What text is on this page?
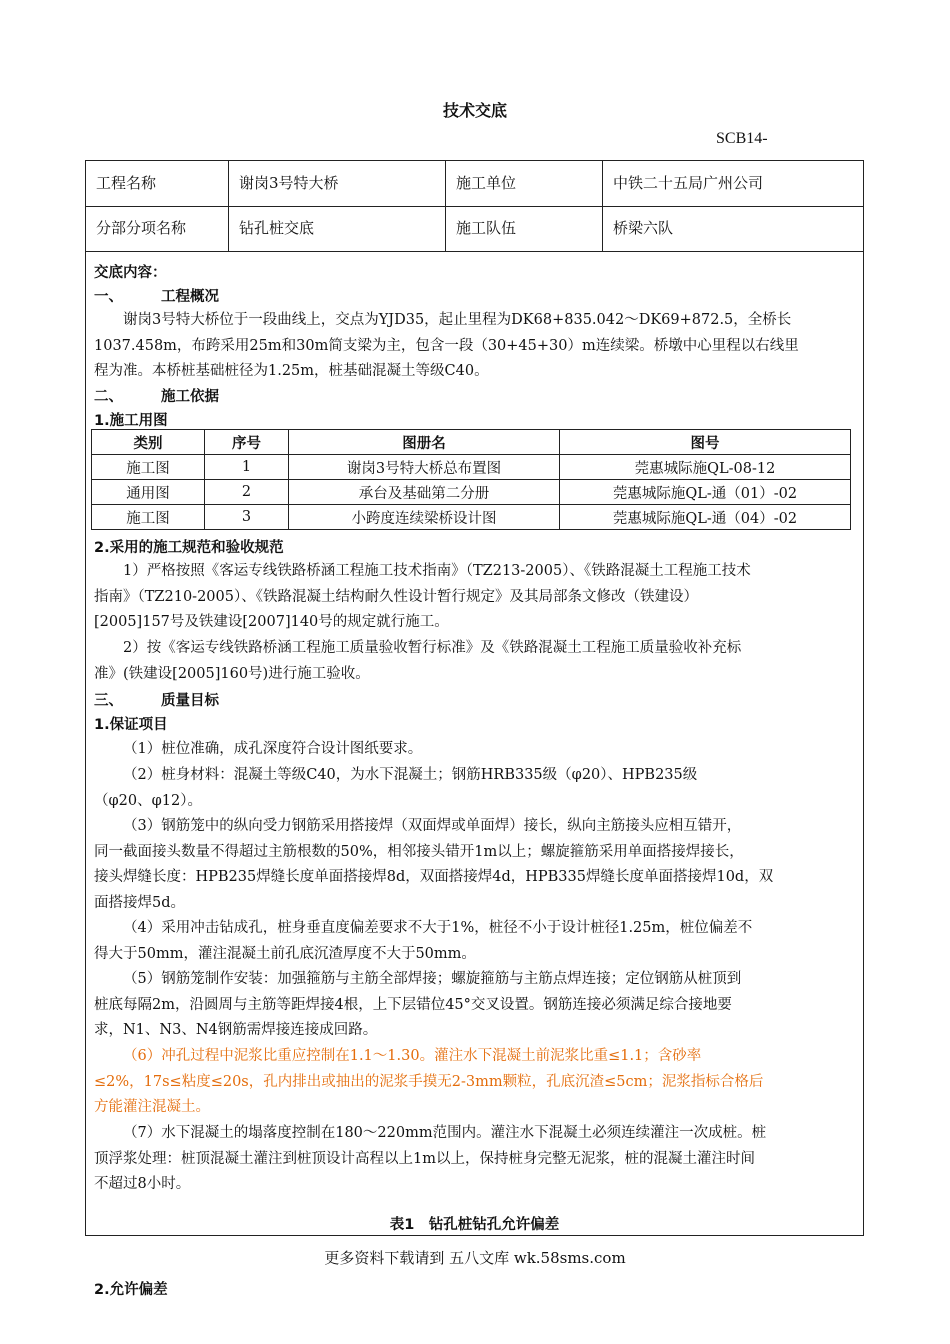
技术交底
SCB14-
工程名称	谢岗3号特大桥	施工单位	中铁二十五局广州公司
分部分项名称	钻孔桩交底	施工队伍	桥梁六队
交底内容：
一、	工程概况
谢岗3号特大桥位于一段曲线上，交点为YJD35，起止里程为DK68+835.042～DK69+872.5，全桥长
1037.458m，布跨采用25m和30m简支梁为主，包含一段（30+45+30）m连续梁。桥墩中心里程以右线里
程为准。本桥桩基础桩径为1.25m，桩基础混凝土等级C40。
二、	施工依据
1.施工用图
类别	序号	图册名	图号
施工图	1	谢岗3号特大桥总布置图	莞惠城际施QL-08-12
通用图	2	承台及基础第二分册	莞惠城际施QL-通（01）-02
施工图	3	小跨度连续梁桥设计图	莞惠城际施QL-通（04）-02
2.采用的施工规范和验收规范
1）严格按照《客运专线铁路桥涵工程施工技术指南》（TZ213-2005）、《铁路混凝土工程施工技术
指南》（TZ210-2005）、《铁路混凝土结构耐久性设计暂行规定》及其局部条文修改（铁建设）
[2005]157号及铁建设[2007]140号的规定就行施工。
2）按《客运专线铁路桥涵工程施工质量验收暂行标准》及《铁路混凝土工程施工质量验收补充标
准》(铁建设[2005]160号)进行施工验收。
三、	质量目标
1.保证项目
（1）桩位准确，成孔深度符合设计图纸要求。
（2）桩身材料：混凝土等级C40，为水下混凝土；钢筋HRB335级（φ20）、HPB235级
（φ20、φ12）。
（3）钢筋笼中的纵向受力钢筋采用搭接焊（双面焊或单面焊）接长，纵向主筋接头应相互错开，
同一截面接头数量不得超过主筋根数的50%，相邻接头错开1m以上；螺旋箍筋采用单面搭接焊接长，
接头焊缝长度：HPB235焊缝长度单面搭接焊8d，双面搭接焊4d，HPB335焊缝长度单面搭接焊10d，双
面搭接焊5d。
（4）采用冲击钻成孔，桩身垂直度偏差要求不大于1%，桩径不小于设计桩径1.25m，桩位偏差不
得大于50mm，灌注混凝土前孔底沉渣厚度不大于50mm。
（5）钢筋笼制作安装：加强箍筋与主筋全部焊接；螺旋箍筋与主筋点焊连接；定位钢筋从桩顶到
桩底每隔2m，沿圆周与主筋等距焊接4根，上下层错位45°交叉设置。钢筋连接必须满足综合接地要
求，N1、N3、N4钢筋需焊接连接成回路。
（6）冲孔过程中泥浆比重应控制在1.1～1.30。灌注水下混凝土前泥浆比重≤1.1；含砂率
≤2%，17s≤粘度≤20s，孔内排出或抽出的泥浆手摸无2-3mm颗粒，孔底沉渣≤5cm；泥浆指标合格后
方能灌注混凝土。
（7）水下混凝土的塌落度控制在180～220mm范围内。灌注水下混凝土必须连续灌注一次成桩。桩
顶浮浆处理：桩顶混凝土灌注到桩顶设计高程以上1m以上，保持桩身完整无泥浆，桩的混凝土灌注时间
不超过8小时。
2.允许偏差
表1　钻孔桩钻孔允许偏差
更多资料下载请到 五八文库 wk.58sms.com
